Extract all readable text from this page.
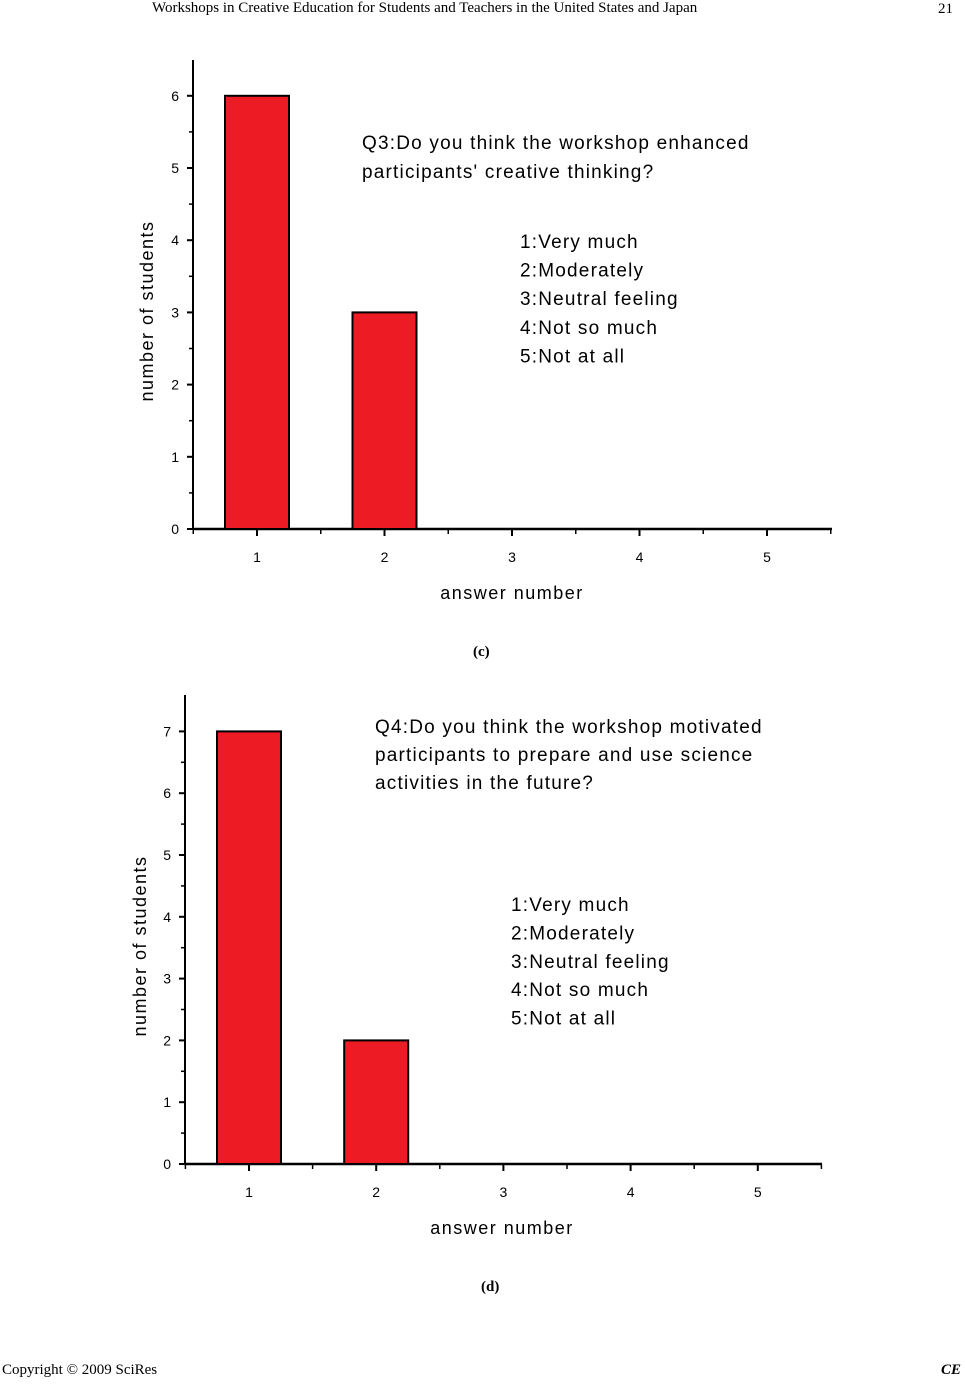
Workshops in Creative Education for Students and Teachers in the United States and Japan	21
0
1
2
3
4
5
6
1	2	3	4	5
answer number
number of students
Q3:Do you think the workshop enhanced
participants' creative thinking?
1:Very much
2:Moderately
3:Neutral feeling
4:Not so much
5:Not at all
(c)
0
1
2
3
4
5
6
7
1	2	3	4	5
answer number
number of students
Q4:Do you think the workshop motivated
participants to prepare and use science
activities in the future?
1:Very much
2:Moderately
3:Neutral feeling
4:Not so much
5:Not at all
(d)
Copyright © 2009 SciRes	CE
